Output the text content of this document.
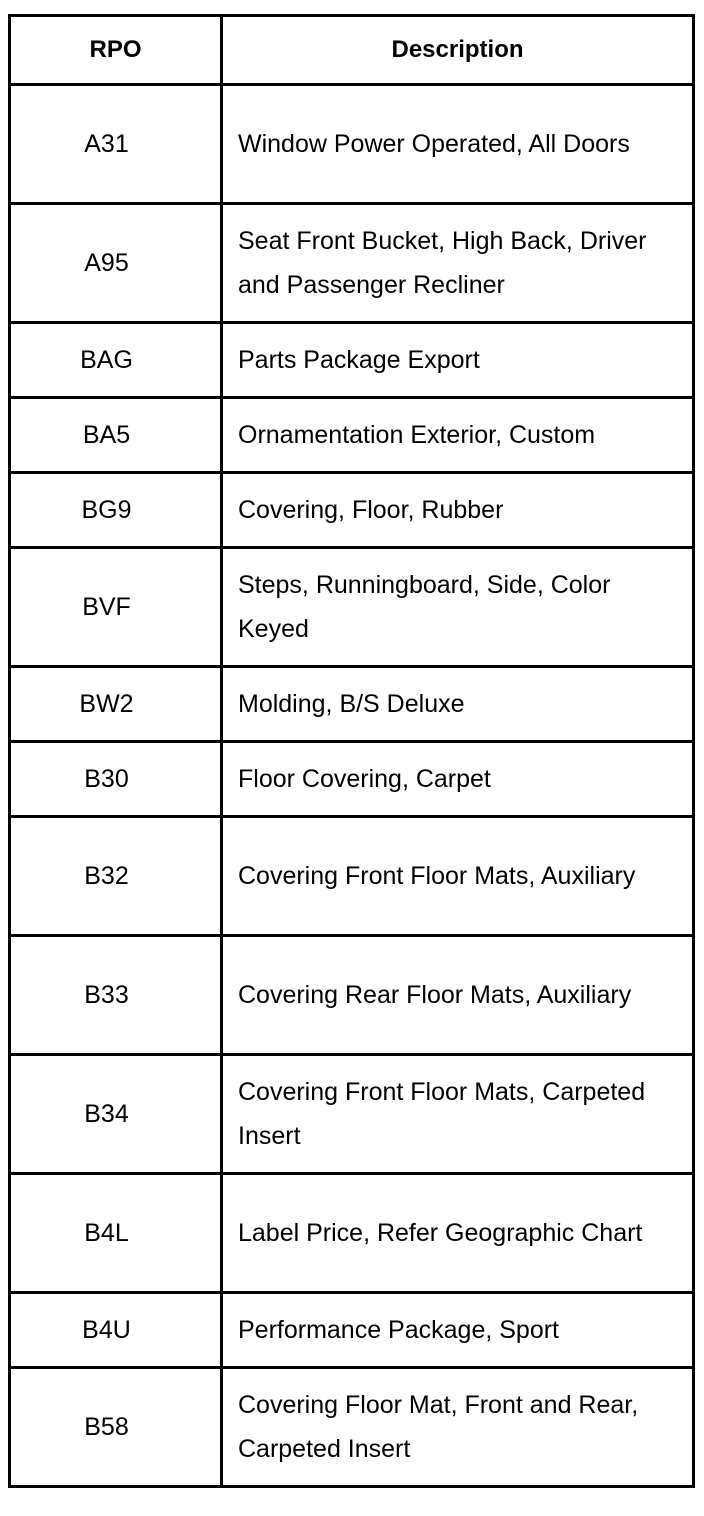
RPO	Description
A31	Window Power Operated, All Doors
A95	Seat Front Bucket, High Back, Driver and Passenger Recliner
BAG	Parts Package Export
BA5	Ornamentation Exterior, Custom
BG9	Covering, Floor, Rubber
BVF	Steps, Runningboard, Side, Color Keyed
BW2	Molding, B/S Deluxe
B30	Floor Covering, Carpet
B32	Covering Front Floor Mats, Auxiliary
B33	Covering Rear Floor Mats, Auxiliary
B34	Covering Front Floor Mats, Carpeted Insert
B4L	Label Price, Refer Geographic Chart
B4U	Performance Package, Sport
B58	Covering Floor Mat, Front and Rear, Carpeted Insert
